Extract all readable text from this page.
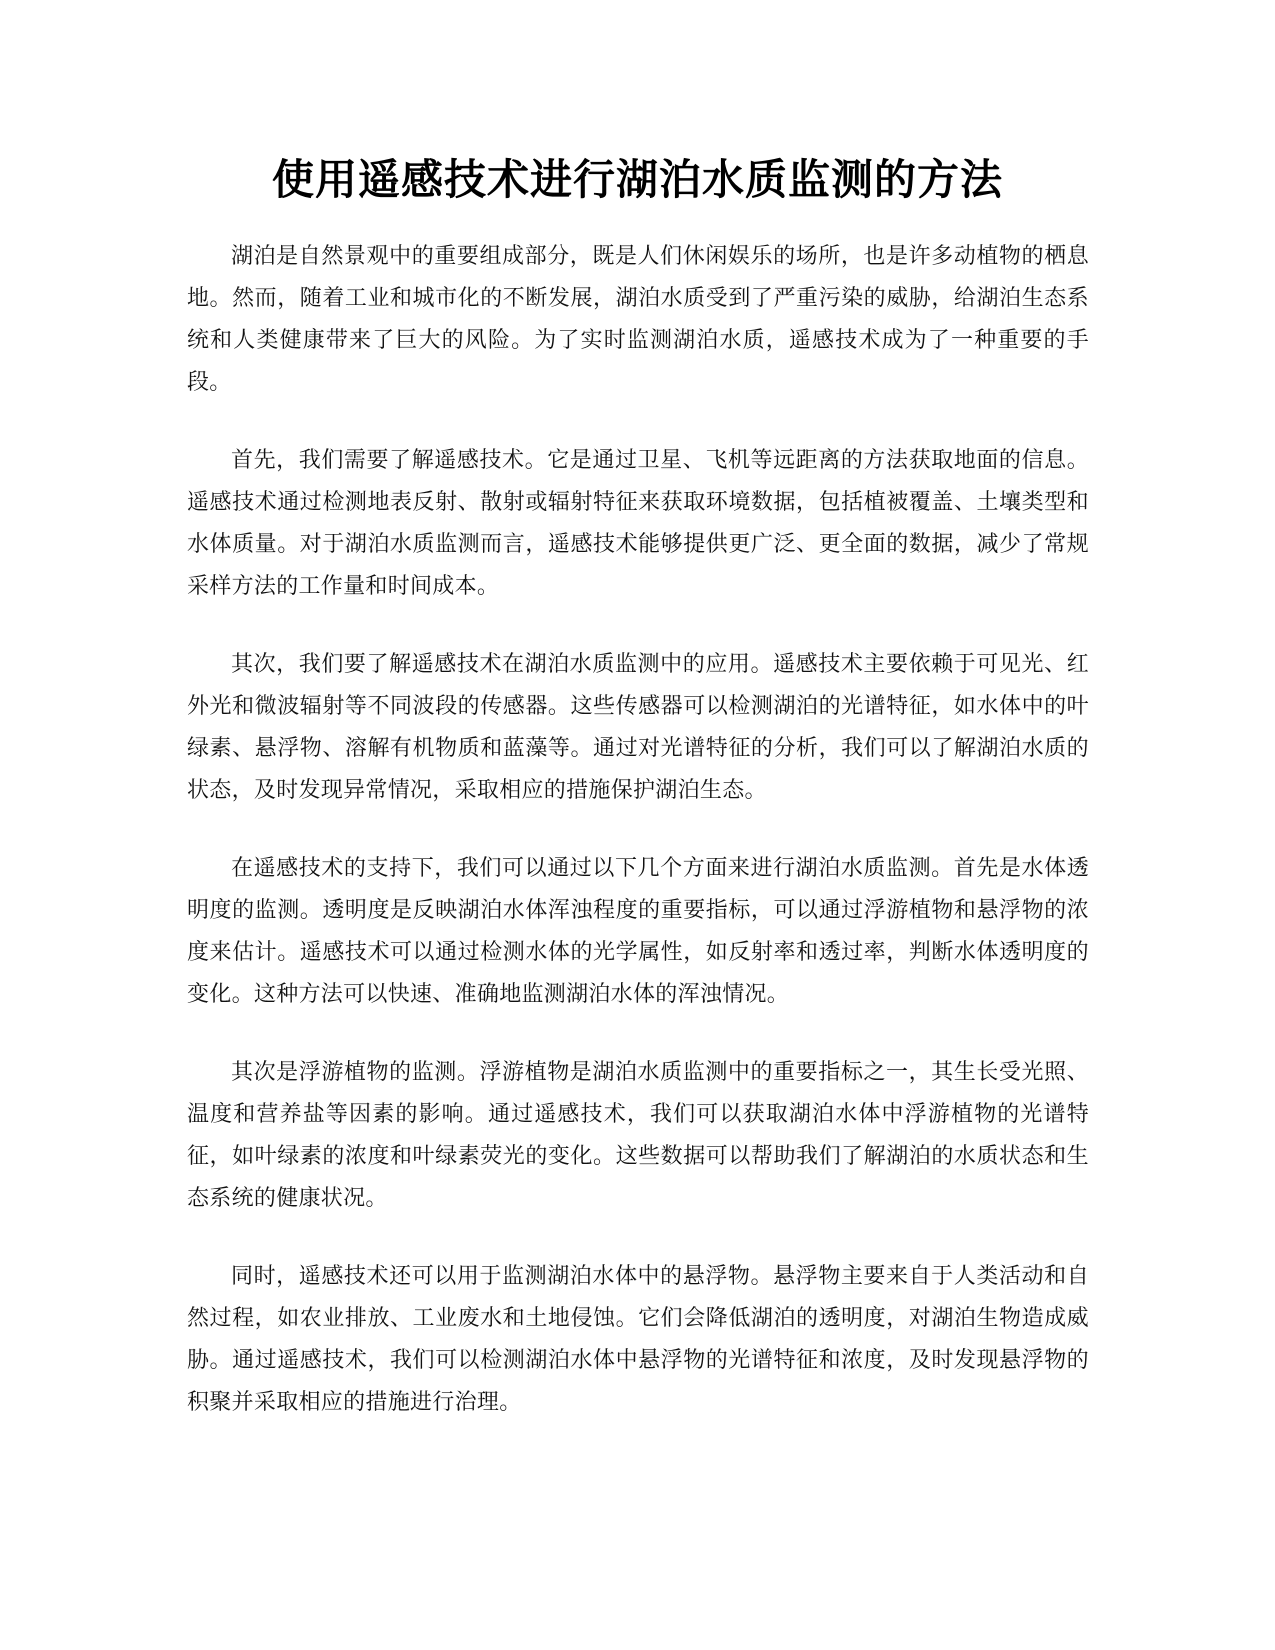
使用遥感技术进行湖泊水质监测的方法

湖泊是自然景观中的重要组成部分，既是人们休闲娱乐的场所，也是许多动植物的栖息地。然而，随着工业和城市化的不断发展，湖泊水质受到了严重污染的威胁，给湖泊生态系统和人类健康带来了巨大的风险。为了实时监测湖泊水质，遥感技术成为了一种重要的手段。

首先，我们需要了解遥感技术。它是通过卫星、飞机等远距离的方法获取地面的信息。遥感技术通过检测地表反射、散射或辐射特征来获取环境数据，包括植被覆盖、土壤类型和水体质量。对于湖泊水质监测而言，遥感技术能够提供更广泛、更全面的数据，减少了常规采样方法的工作量和时间成本。

其次，我们要了解遥感技术在湖泊水质监测中的应用。遥感技术主要依赖于可见光、红外光和微波辐射等不同波段的传感器。这些传感器可以检测湖泊的光谱特征，如水体中的叶绿素、悬浮物、溶解有机物质和蓝藻等。通过对光谱特征的分析，我们可以了解湖泊水质的状态，及时发现异常情况，采取相应的措施保护湖泊生态。

在遥感技术的支持下，我们可以通过以下几个方面来进行湖泊水质监测。首先是水体透明度的监测。透明度是反映湖泊水体浑浊程度的重要指标，可以通过浮游植物和悬浮物的浓度来估计。遥感技术可以通过检测水体的光学属性，如反射率和透过率，判断水体透明度的变化。这种方法可以快速、准确地监测湖泊水体的浑浊情况。

其次是浮游植物的监测。浮游植物是湖泊水质监测中的重要指标之一，其生长受光照、温度和营养盐等因素的影响。通过遥感技术，我们可以获取湖泊水体中浮游植物的光谱特征，如叶绿素的浓度和叶绿素荧光的变化。这些数据可以帮助我们了解湖泊的水质状态和生态系统的健康状况。

同时，遥感技术还可以用于监测湖泊水体中的悬浮物。悬浮物主要来自于人类活动和自然过程，如农业排放、工业废水和土地侵蚀。它们会降低湖泊的透明度，对湖泊生物造成威胁。通过遥感技术，我们可以检测湖泊水体中悬浮物的光谱特征和浓度，及时发现悬浮物的积聚并采取相应的措施进行治理。
